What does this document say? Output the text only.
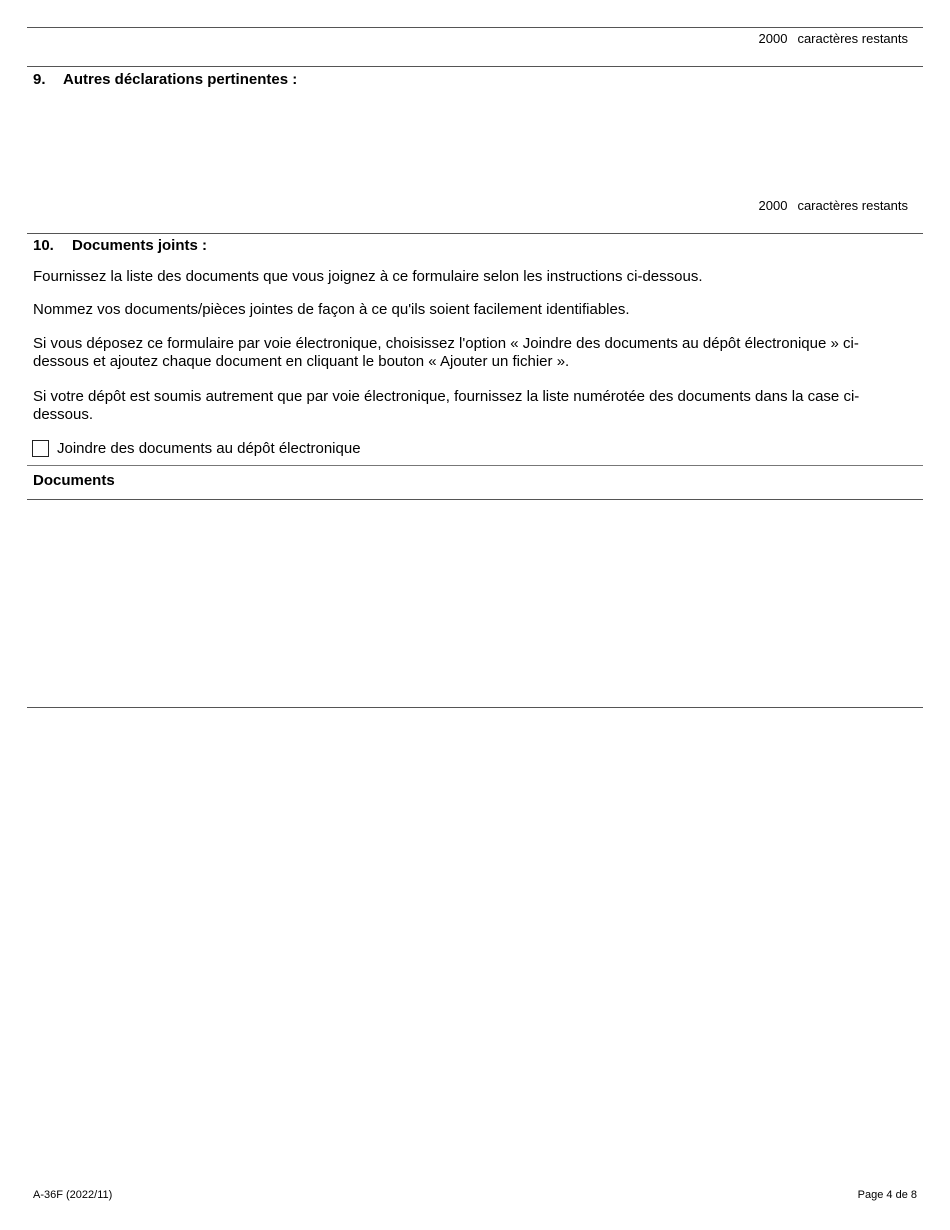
2000 caractères restants
9. Autres déclarations pertinentes :
2000 caractères restants
10. Documents joints :
Fournissez la liste des documents que vous joignez à ce formulaire selon les instructions ci-dessous.
Nommez vos documents/pièces jointes de façon à ce qu'ils soient facilement identifiables.
Si vous déposez ce formulaire par voie électronique, choisissez l'option « Joindre des documents au dépôt électronique » ci-dessous et ajoutez chaque document en cliquant le bouton « Ajouter un fichier ».
Si votre dépôt est soumis autrement que par voie électronique, fournissez la liste numérotée des documents dans la case ci-dessous.
Joindre des documents au dépôt électronique
Documents
A-36F (2022/11)	Page 4 de 8
